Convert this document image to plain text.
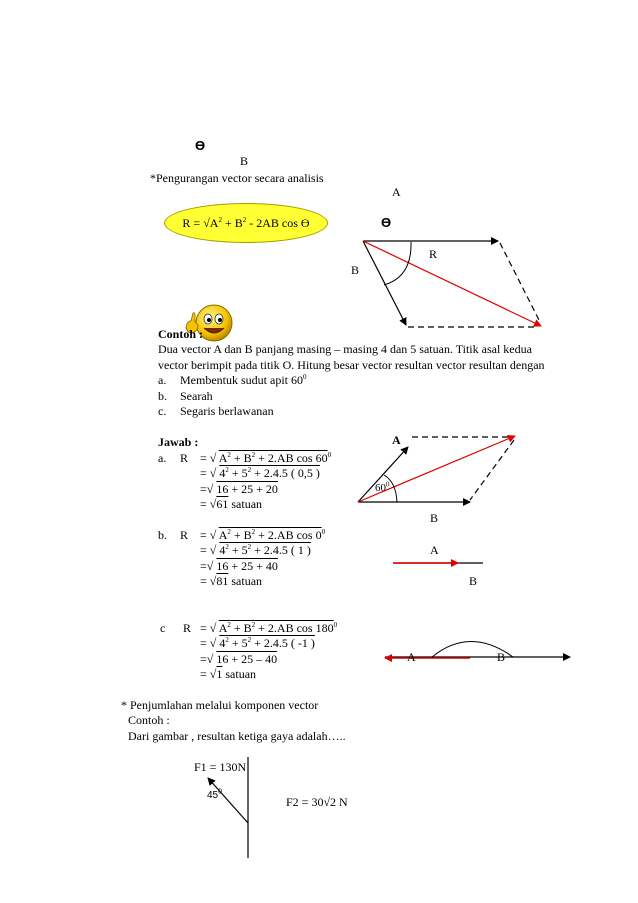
ϴ
B
*Pengurangan vector secara analisis
$R = √A^2 + B^2 - 2AB$ cos ϴ
A
ϴ
R
B
Contoh :
Dua vector A dan B panjang masing – masing 4 dan 5 satuan. Titik asal kedua
vector berimpit pada titik O. Hitung besar vector resultan vector resultan dengan
a. Membentuk sudut apit $60^0$
b. Searah
c. Segaris berlawanan
Jawab :
a. R = √ $A^2 + B^2 + 2.AB$ $\cos 60^0$
= √ $4^2 + 5^2 + 2.4.5$ ( 0,5 )
=√ 16 + 25 + 20
= √61 satuan
A
$60^0$
B
b. R = √ $A^2 + B^2 + 2.AB$ $\cos 0^0$
= √ $4^2 + 5^2 + 2.4.5$ ( 1 )
=√ 16 + 25 + 40
= √81 satuan
A
B
c R = √ $A^2 + B^2 + 2.AB$ $\cos 180^0$
= √ $4^2 + 5^2 + 2.4.5$ ( -1 )
=√ 16 + 25 – 40
= √1 satuan
A	B
* Penjumlahan melalui komponen vector
Contoh :
Dari gambar , resultan ketiga gaya adalah…..
F1 = 130N
$45^0$
F2 = 30√2 N
